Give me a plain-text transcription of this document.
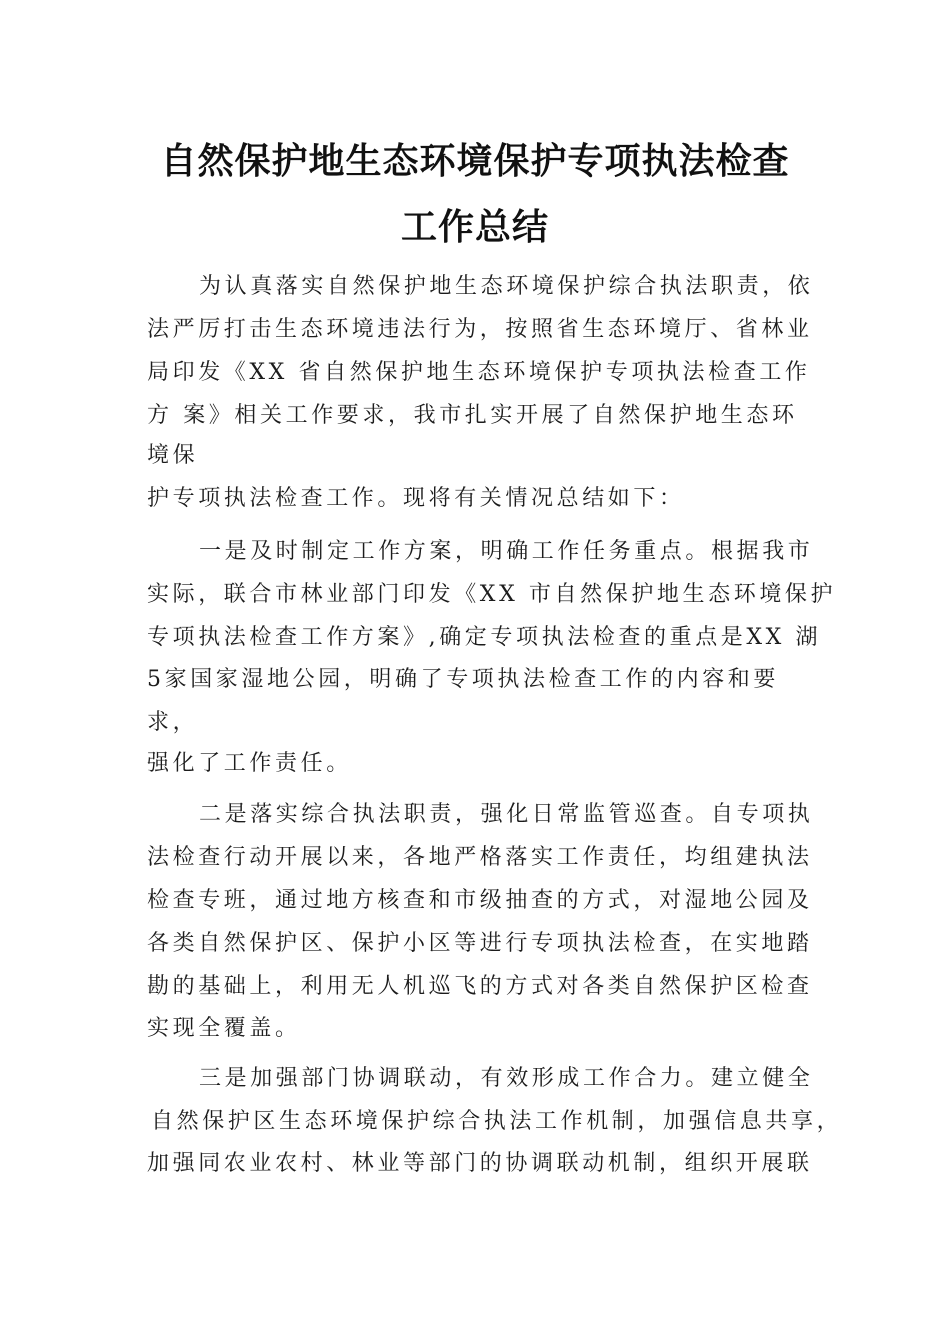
自然保护地生态环境保护专项执法检查
工作总结
为认真落实自然保护地生态环境保护综合执法职责，依
法严厉打击生态环境违法行为，按照省生态环境厅、省林业
局印发《XX 省自然保护地生态环境保护专项执法检查工作
方 案》相关工作要求，我市扎实开展了自然保护地生态环
境保
护专项执法检查工作。现将有关情况总结如下：
一是及时制定工作方案，明确工作任务重点。根据我市
实际，联合市林业部门印发《XX 市自然保护地生态环境保护
专项执法检查工作方案》,确定专项执法检查的重点是XX 湖
5家国家湿地公园，明确了专项执法检查工作的内容和要
求，
强化了工作责任。
二是落实综合执法职责，强化日常监管巡查。自专项执
法检查行动开展以来，各地严格落实工作责任，均组建执法
检查专班，通过地方核查和市级抽查的方式，对湿地公园及
各类自然保护区、保护小区等进行专项执法检查，在实地踏
勘的基础上，利用无人机巡飞的方式对各类自然保护区检查
实现全覆盖。
三是加强部门协调联动，有效形成工作合力。建立健全
自然保护区生态环境保护综合执法工作机制，加强信息共享，
加强同农业农村、林业等部门的协调联动机制，组织开展联
